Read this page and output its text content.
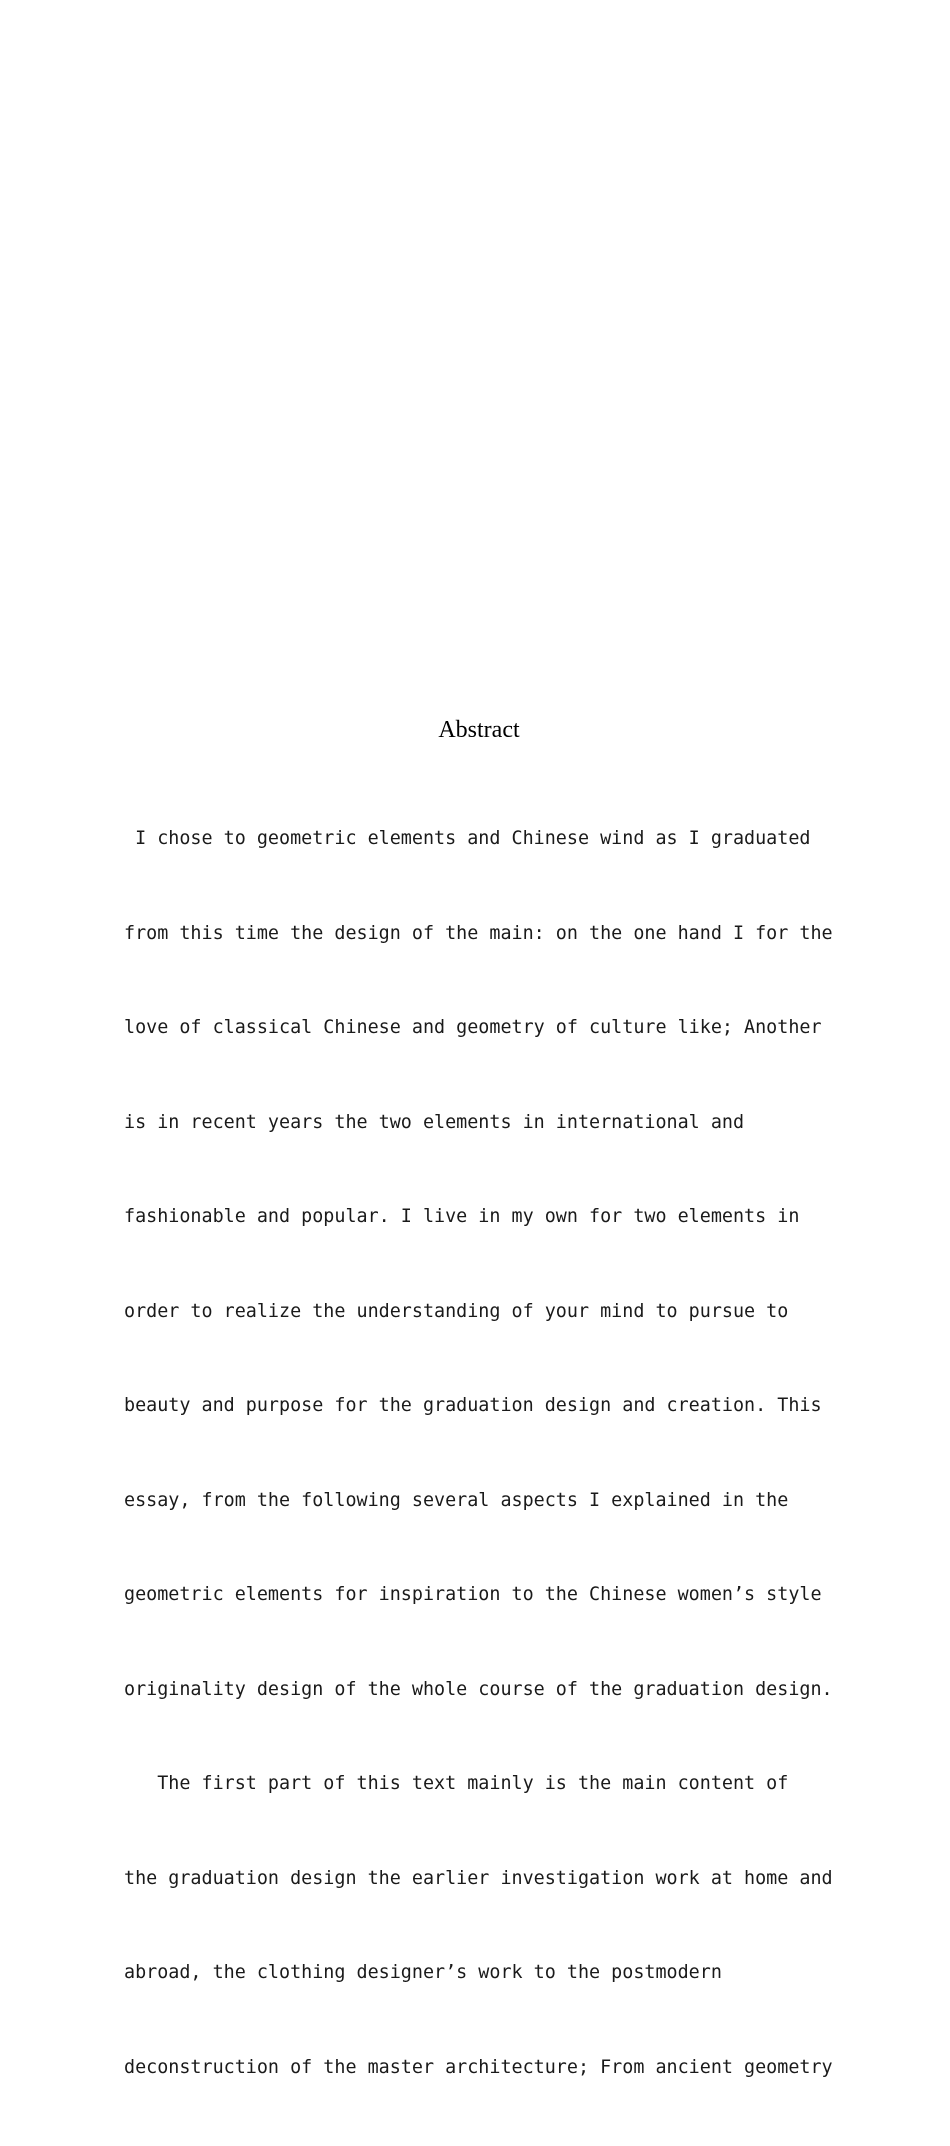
Abstract

I chose to geometric elements and Chinese wind as I graduated

from this time the design of the main: on the one hand I for the

love of classical Chinese and geometry of culture like; Another

is in recent years the two elements in international and

fashionable and popular. I live in my own for two elements in

order to realize the understanding of your mind to pursue to

beauty and purpose for the graduation design and creation. This

essay, from the following several aspects I explained in the

geometric elements for inspiration to the Chinese women’s style

originality design of the whole course of the graduation design.

The first part of this text mainly is the main content of

the graduation design the earlier investigation work at home and

abroad, the clothing designer’s work to the postmodern

deconstruction of the master architecture; From ancient geometry
